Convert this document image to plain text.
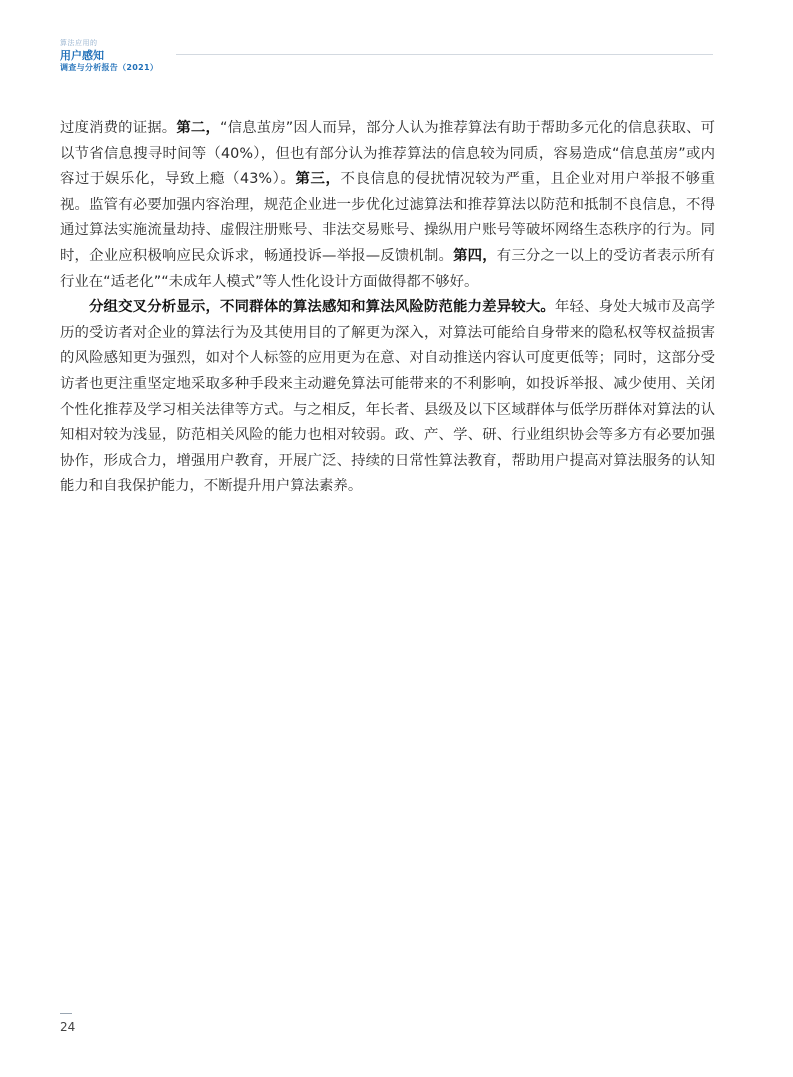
算法应用的
用户感知
调查与分析报告（2021）

过度消费的证据。第二，“信息茧房”因人而异，部分人认为推荐算法有助于帮助多元化的信息获取、可以节省信息搜寻时间等（40%），但也有部分认为推荐算法的信息较为同质，容易造成“信息茧房”或内容过于娱乐化，导致上瘾（43%）。第三，不良信息的侵扰情况较为严重，且企业对用户举报不够重视。监管有必要加强内容治理，规范企业进一步优化过滤算法和推荐算法以防范和抵制不良信息，不得通过算法实施流量劫持、虚假注册账号、非法交易账号、操纵用户账号等破坏网络生态秩序的行为。同时，企业应积极响应民众诉求，畅通投诉—举报—反馈机制。第四，有三分之一以上的受访者表示所有行业在“适老化”“未成年人模式”等人性化设计方面做得都不够好。

分组交叉分析显示，不同群体的算法感知和算法风险防范能力差异较大。年轻、身处大城市及高学历的受访者对企业的算法行为及其使用目的了解更为深入，对算法可能给自身带来的隐私权等权益损害的风险感知更为强烈，如对个人标签的应用更为在意、对自动推送内容认可度更低等；同时，这部分受访者也更注重坚定地采取多种手段来主动避免算法可能带来的不利影响，如投诉举报、减少使用、关闭个性化推荐及学习相关法律等方式。与之相反，年长者、县级及以下区域群体与低学历群体对算法的认知相对较为浅显，防范相关风险的能力也相对较弱。政、产、学、研、行业组织协会等多方有必要加强协作，形成合力，增强用户教育，开展广泛、持续的日常性算法教育，帮助用户提高对算法服务的认知能力和自我保护能力，不断提升用户算法素养。

24
